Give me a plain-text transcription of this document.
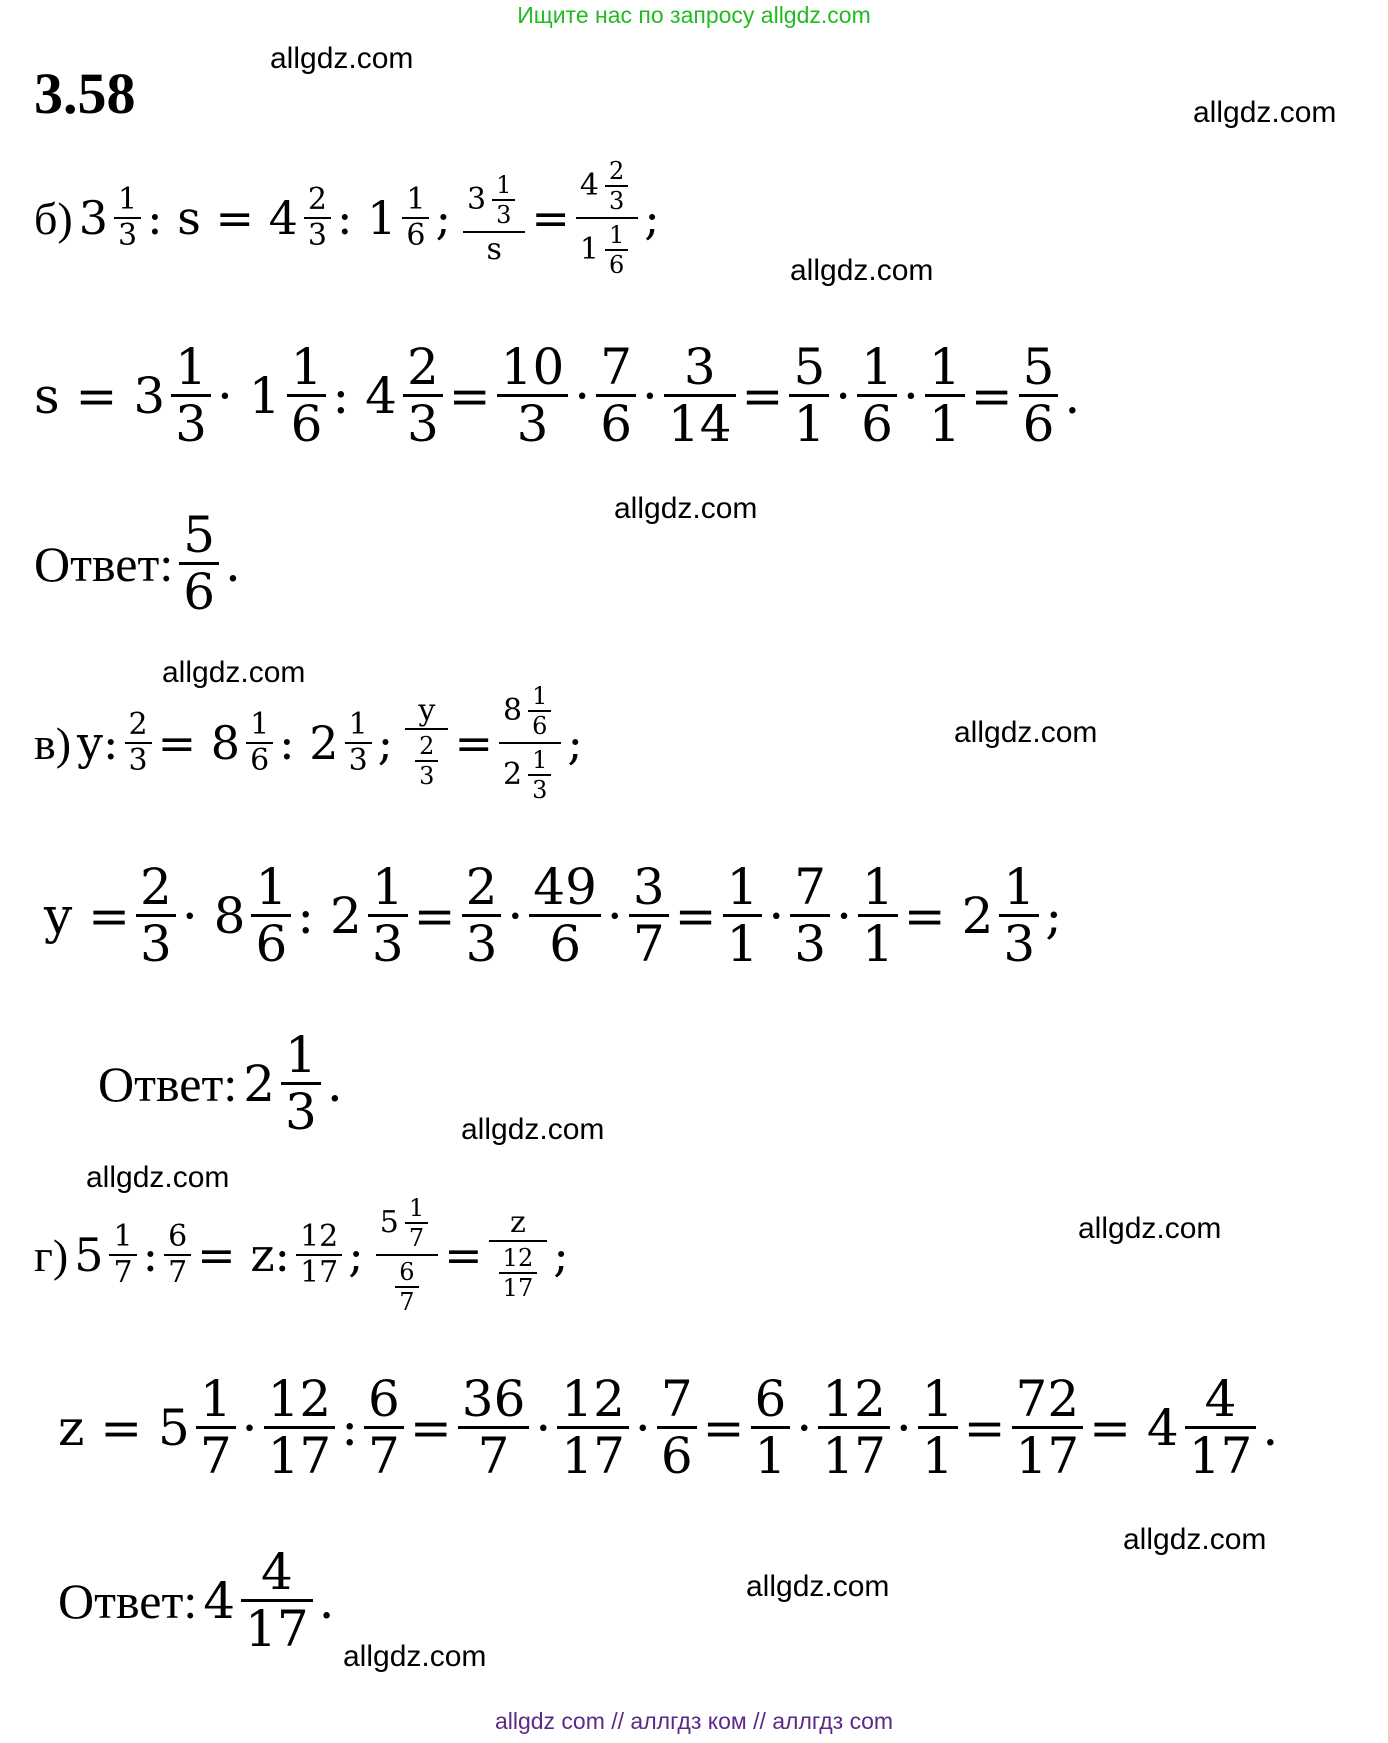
Ищите нас по запросу allgdz.com
3.58
allgdz.com
allgdz.com
allgdz.com
allgdz.com
allgdz.com
allgdz.com
allgdz.com
allgdz.com
allgdz.com
allgdz.com
allgdz.com
allgdz.com
б) $3 \frac{1}{3}$ : $s = 4 \frac{2}{3}$ : $1 \frac{1}{6}$ ; $\frac{3 \frac{1}{3}}{s} = \frac{4 \frac{2}{3}}{1 \frac{1}{6}}$ ;
$s = 3 \frac{1}{3} \cdot 1 \frac{1}{6}$ : $4 \frac{2}{3} = \frac{10}{3} \cdot \frac{7}{6} \cdot \frac{3}{14} = \frac{5}{1} \cdot \frac{1}{6} \cdot \frac{1}{1} = \frac{5}{6}$ .
Ответ: $\frac{5}{6}$ .
в) y: $\frac{2}{3} = 8 \frac{1}{6}$ : $2 \frac{1}{3}$ ; $\frac{y}{\frac{2}{3}} = \frac{8 \frac{1}{6}}{2 \frac{1}{3}}$ ;
$y = \frac{2}{3} \cdot 8 \frac{1}{6}$ : $2 \frac{1}{3} = \frac{2}{3} \cdot \frac{49}{6} \cdot \frac{3}{7} = \frac{1}{1} \cdot \frac{7}{3} \cdot \frac{1}{1} = 2 \frac{1}{3}$ ;
Ответ: $2 \frac{1}{3}$ .
г) $5 \frac{1}{7}$ : $\frac{6}{7} = z$: $\frac{12}{17}$ ; $\frac{5 \frac{1}{7}}{\frac{6}{7}} = \frac{z}{\frac{12}{17}}$ ;
$z = 5 \frac{1}{7} \cdot \frac{12}{17}$ : $\frac{6}{7} = \frac{36}{7} \cdot \frac{12}{17} \cdot \frac{7}{6} = \frac{6}{1} \cdot \frac{12}{17} \cdot \frac{1}{1} = \frac{72}{17} = 4 \frac{4}{17}$ .
Ответ: $4 \frac{4}{17}$ .
allgdz com // аллгдз ком // аллгдз com
